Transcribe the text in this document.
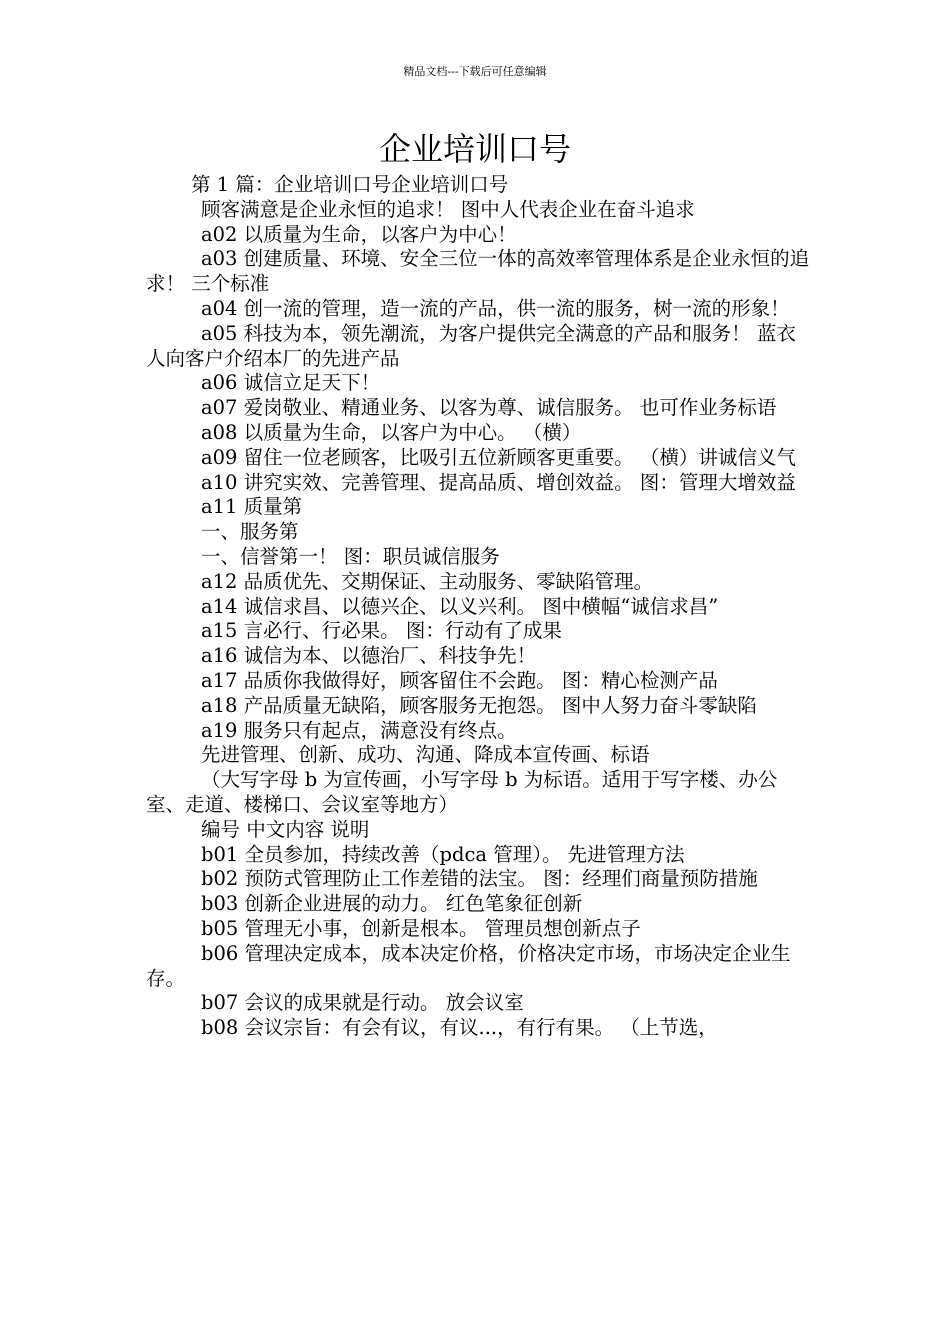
精品文档---下载后可任意编辑
企业培训口号

第 1 篇：企业培训口号企业培训口号

顾客满意是企业永恒的追求！ 图中人代表企业在奋斗追求

a02 以质量为生命，以客户为中心！

a03 创建质量、环境、安全三位一体的高效率管理体系是企业永恒的追求！ 三个标准

a04 创一流的管理，造一流的产品，供一流的服务，树一流的形象！

a05 科技为本，领先潮流，为客户提供完全满意的产品和服务！ 蓝衣人向客户介绍本厂的先进产品

a06 诚信立足天下！

a07 爱岗敬业、精通业务、以客为尊、诚信服务。 也可作业务标语

a08 以质量为生命，以客户为中心。 （横）

a09 留住一位老顾客，比吸引五位新顾客更重要。 （横）讲诚信义气

a10 讲究实效、完善管理、提高品质、增创效益。 图：管理大增效益

a11 质量第

一、服务第

一、信誉第一！ 图：职员诚信服务

a12 品质优先、交期保证、主动服务、零缺陷管理。

a14 诚信求昌、以德兴企、以义兴利。 图中横幅“诚信求昌”

a15 言必行、行必果。 图：行动有了成果

a16 诚信为本、以德治厂、科技争先！

a17 品质你我做得好，顾客留住不会跑。 图：精心检测产品

a18 产品质量无缺陷，顾客服务无抱怨。 图中人努力奋斗零缺陷

a19 服务只有起点，满意没有终点。

先进管理、创新、成功、沟通、降成本宣传画、标语

（大写字母 b 为宣传画，小写字母 b 为标语。适用于写字楼、办公室、走道、楼梯口、会议室等地方）

编号 中文内容 说明

b01 全员参加，持续改善（pdca 管理）。 先进管理方法

b02 预防式管理防止工作差错的法宝。 图：经理们商量预防措施

b03 创新企业进展的动力。 红色笔象征创新

b05 管理无小事，创新是根本。 管理员想创新点子

b06 管理决定成本，成本决定价格，价格决定市场，市场决定企业生存。

b07 会议的成果就是行动。 放会议室

b08 会议宗旨：有会有议，有议...，有行有果。 （上节选，
